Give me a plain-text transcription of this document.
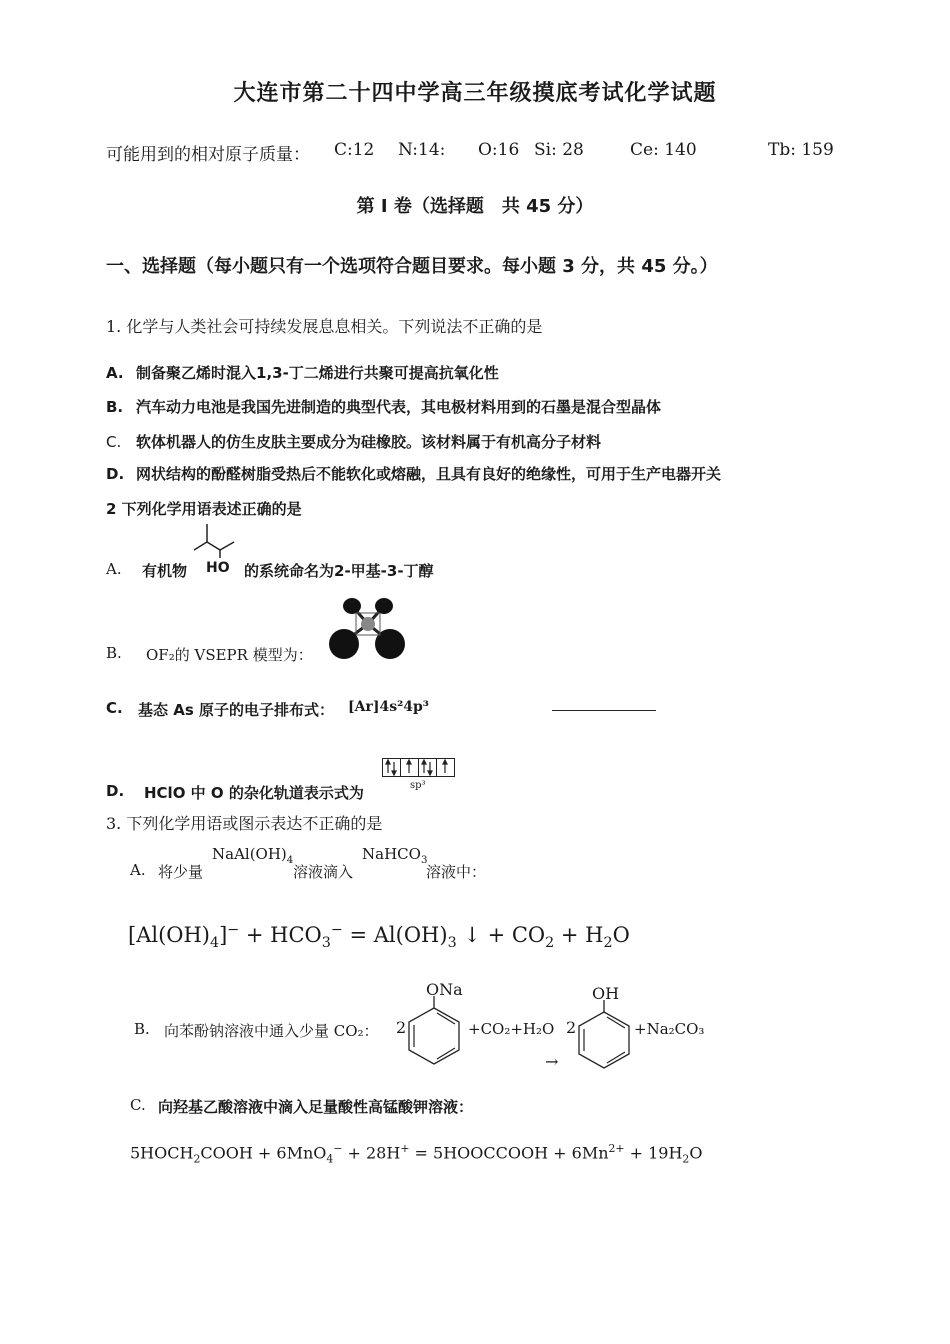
大连市第二十四中学高三年级摸底考试化学试题
可能用到的相对原子质量： C:12 N:14: O:16 Si: 28	Ce: 140	Tb: 159
第 Ⅰ 卷（选择题　共 45 分）
一、选择题（每小题只有一个选项符合题目要求。每小题 3 分，共 45 分。）
1. 化学与人类社会可持续发展息息相关。下列说法不正确的是
A. 制备聚乙烯时混入1,3-丁二烯进行共聚可提高抗氧化性
B. 汽车动力电池是我国先进制造的典型代表，其电极材料用到的石墨是混合型晶体
C. 软体机器人的仿生皮肤主要成分为硅橡胶。该材料属于有机高分子材料
D. 网状结构的酚醛树脂受热后不能软化或熔融，且具有良好的绝缘性，可用于生产电器开关
2 下列化学用语表述正确的是
A. 有机物 HO 的系统命名为2-甲基-3-丁醇
B. OF₂的 VSEPR 模型为：
C. 基态 As 原子的电子排布式： [Ar]4s²4p³
D. HClO 中 O 的杂化轨道表示式为	sp³
3. 下列化学用语或图示表达不正确的是
A. 将少量
$NaAl(OH)_4$
溶液滴入
NaHCO$_3$
溶液中：
$[Al(OH)_4]^- + HCO_3^- = Al(OH)_3$ ↓ + $CO_2 + H_2O$
B. 向苯酚钠溶液中通入少量 CO₂： 2
ONa
+CO₂+H₂O
→
2
OH
+Na₂CO₃
C. 向羟基乙酸溶液中滴入足量酸性高锰酸钾溶液：
$5HOCH_2COOH + 6MnO_4^- + 28H^+$ = 5HOOCCOOH + $6Mn^{2+} + 19H_2O$
